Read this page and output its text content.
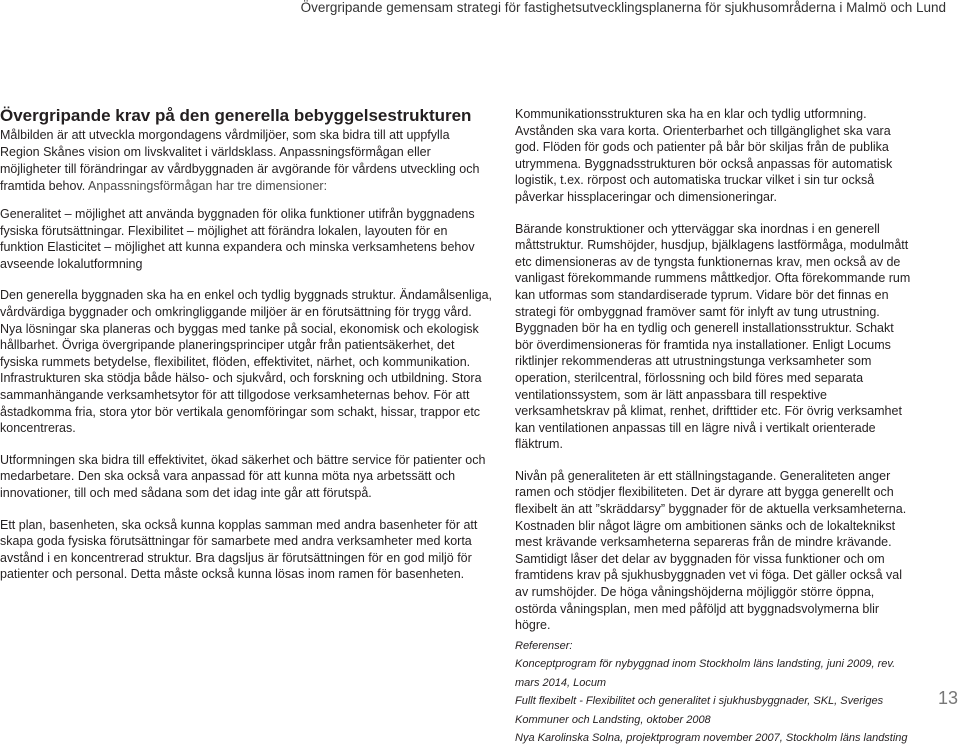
Övergripande gemensam strategi för fastighetsutvecklingsplanerna för sjukhusområderna i Malmö och Lund
Övergripande krav på den generella bebyggelsestrukturen

Målbilden är att utveckla morgondagens vårdmiljöer, som ska bidra till att uppfylla Region Skånes vision om livskvalitet i världsklass. Anpassningsförmågan eller möjligheter till förändringar av vårdbyggnaden är avgörande för vårdens utveckling och framtida behov. Anpassningsförmågan har tre dimensioner:

Generalitet – möjlighet att använda byggnaden för olika funktioner utifrån byggnadens fysiska förutsättningar. Flexibilitet – möjlighet att förändra lokalen, layouten för en funktion Elasticitet – möjlighet att kunna expandera och minska verksamhetens behov avseende lokalutformning

Den generella byggnaden ska ha en enkel och tydlig byggnads struktur. Ändamålsenliga, vårdvärdiga byggnader och omkringliggande miljöer är en förutsättning för trygg vård. Nya lösningar ska planeras och byggas med tanke på social, ekonomisk och ekologisk hållbarhet. Övriga övergripande planeringsprinciper utgår från patientsäkerhet, det fysiska rummets betydelse, flexibilitet, flöden, effektivitet, närhet, och kommunikation. Infrastrukturen ska stödja både hälso- och sjukvård, och forskning och utbildning. Stora sammanhängande verksamhetsytor för att tillgodose verksamheternas behov. För att åstadkomma fria, stora ytor bör vertikala genomföringar som schakt, hissar, trappor etc koncentreras.

Utformningen ska bidra till effektivitet, ökad säkerhet och bättre service för patienter och medarbetare. Den ska också vara anpassad för att kunna möta nya arbetssätt och innovationer, till och med sådana som det idag inte går att förutspå.

Ett plan, basenheten, ska också kunna kopplas samman med andra basenheter för att skapa goda fysiska förutsättningar för samarbete med andra verksamheter med korta avstånd i en koncentrerad struktur. Bra dagsljus är förutsättningen för en god miljö för patienter och personal. Detta måste också kunna lösas inom ramen för basenheten.

Kommunikationsstrukturen ska ha en klar och tydlig utformning. Avstånden ska vara korta. Orienterbarhet och tillgänglighet ska vara god. Flöden för gods och patienter på bår bör skiljas från de publika utrymmena. Byggnadsstrukturen bör också anpassas för automatisk logistik, t.ex. rörpost och automatiska truckar vilket i sin tur också påverkar hissplaceringar och dimensioneringar.

Bärande konstruktioner och ytterväggar ska inordnas i en generell måttstruktur. Rumshöjder, husdjup, bjälklagens lastförmåga, modulmått etc dimensioneras av de tyngsta funktionernas krav, men också av de vanligast förekommande rummens måttkedjor. Ofta förekommande rum kan utformas som standardiserade typrum. Vidare bör det finnas en strategi för ombyggnad framöver samt för inlyft av tung utrustning. Byggnaden bör ha en tydlig och generell installationsstruktur. Schakt bör överdimensioneras för framtida nya installationer. Enligt Locums riktlinjer rekommenderas att utrustningstunga verksamheter som operation, sterilcentral, förlossning och bild föres med separata ventilationssystem, som är lätt anpassbara till respektive verksamhetskrav på klimat, renhet, drifttider etc. För övrig verksamhet kan ventilationen anpassas till en lägre nivå i vertikalt orienterade fläktrum.

Nivån på generaliteten är ett ställningstagande. Generaliteten anger ramen och stödjer flexibiliteten. Det är dyrare att bygga generellt och flexibelt än att ”skräddarsy” byggnader för de aktuella verksamheterna. Kostnaden blir något lägre om ambitionen sänks och de lokalteknikst mest krävande verksamheterna separeras från de mindre krävande. Samtidigt låser det delar av byggnaden för vissa funktioner och om framtidens krav på sjukhusbyggnaden vet vi föga. Det gäller också val av rumshöjder. De höga våningshöjderna möjliggör större öppna, ostörda våningsplan, men med påföljd att byggnadsvolymerna blir högre.

Referenser:
Konceptprogram för nybyggnad inom Stockholm läns landsting, juni 2009, rev. mars 2014, Locum
Fullt flexibelt - Flexibilitet och generalitet i sjukhusbyggnader, SKL, Sveriges Kommuner och Landsting, oktober 2008
Nya Karolinska Solna, projektprogram november 2007, Stockholm läns landsting
13
